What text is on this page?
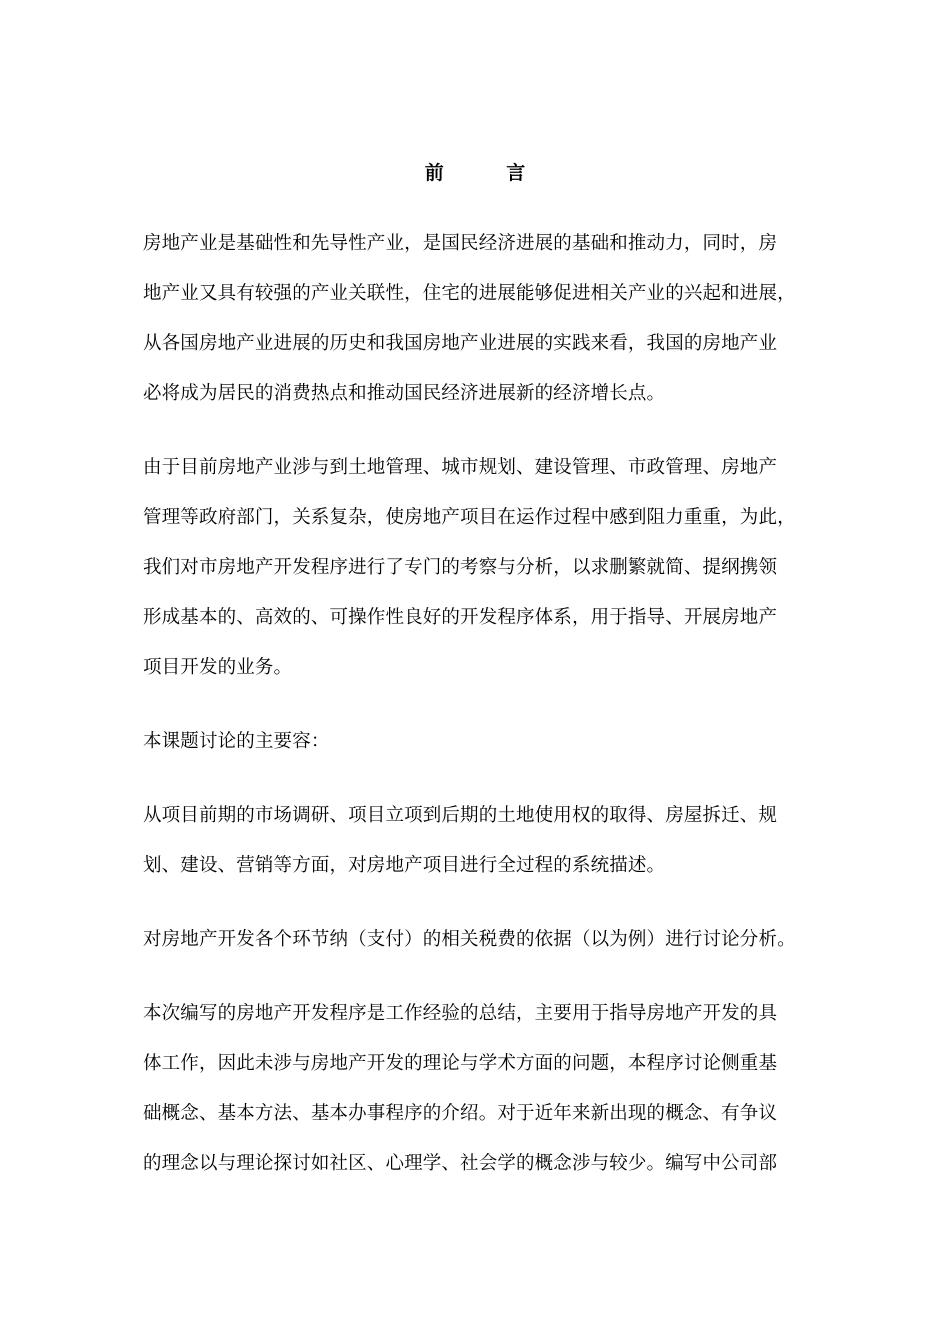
前 言
房地产业是基础性和先导性产业，是国民经济进展的基础和推动力，同时，房
地产业又具有较强的产业关联性，住宅的进展能够促进相关产业的兴起和进展，
从各国房地产业进展的历史和我国房地产业进展的实践来看，我国的房地产业
必将成为居民的消费热点和推动国民经济进展新的经济增长点。
由于目前房地产业涉与到土地管理、城市规划、建设管理、市政管理、房地产
管理等政府部门，关系复杂，使房地产项目在运作过程中感到阻力重重，为此，
我们对市房地产开发程序进行了专门的考察与分析，以求删繁就简、提纲携领
形成基本的、高效的、可操作性良好的开发程序体系，用于指导、开展房地产
项目开发的业务。
本课题讨论的主要容：
从项目前期的市场调研、项目立项到后期的土地使用权的取得、房屋拆迁、规
划、建设、营销等方面，对房地产项目进行全过程的系统描述。
对房地产开发各个环节纳（支付）的相关税费的依据（以为例）进行讨论分析。
本次编写的房地产开发程序是工作经验的总结，主要用于指导房地产开发的具
体工作，因此未涉与房地产开发的理论与学术方面的问题，本程序讨论侧重基
础概念、基本方法、基本办事程序的介绍。对于近年来新出现的概念、有争议
的理念以与理论探讨如社区、心理学、社会学的概念涉与较少。编写中公司部
